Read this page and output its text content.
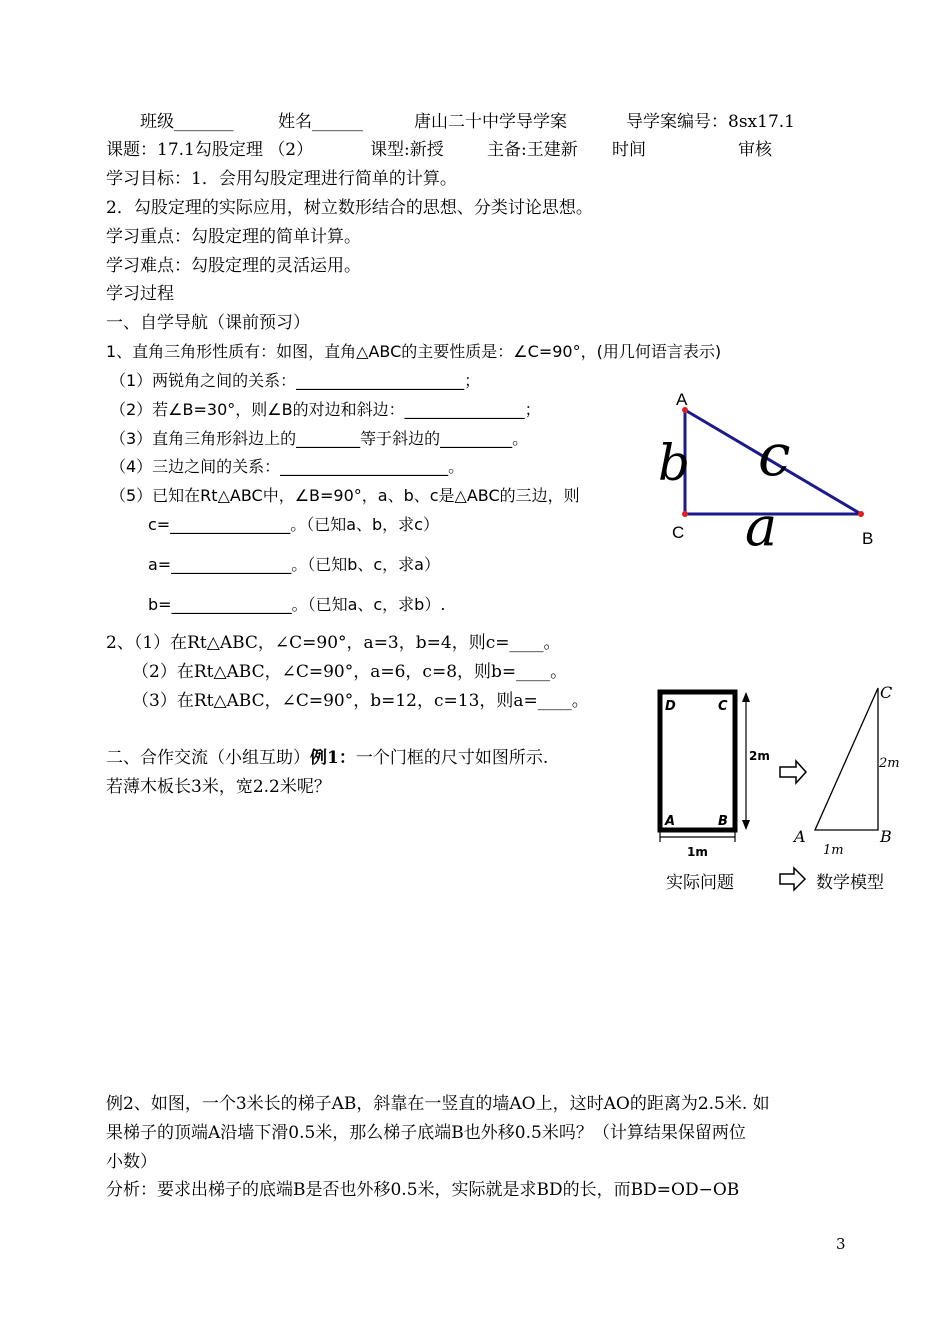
班级_______	姓名______	唐山二十中学导学案	导学案编号：8sx17.1
课题：17.1勾股定理 （2）	课型:新授	主备:王建新 时间	审核
学习目标：1．会用勾股定理进行简单的计算。
2．勾股定理的实际应用，树立数形结合的思想、分类讨论思想。
学习重点：勾股定理的简单计算。
学习难点：勾股定理的灵活运用。
学习过程
一、自学导航（课前预习）
1、直角三角形性质有：如图，直角△ABC的主要性质是：∠C=90°，(用几何语言表示)
（1）两锐角之间的关系：_____________________；
（2）若∠B=30°，则∠B的对边和斜边：_______________；
（3）直角三角形斜边上的________等于斜边的_________。
（4）三边之间的关系：_____________________。
（5）已知在Rt△ABC中，∠B=90°，a、b、c是△ABC的三边，则
c=_______________。（已知a、b，求c）
a=_______________。（已知b、c，求a）
b=_______________。（已知a、c，求b）.
A
C	B
b c
a
2、（1）在Rt△ABC，∠C=90°，a=3，b=4，则c=____。
（2）在Rt△ABC，∠C=90°，a=6，c=8，则b=____。
（3）在Rt△ABC，∠C=90°，b=12，c=13，则a=____。
二、合作交流（小组互助）例1：一个门框的尺寸如图所示.
若薄木板长3米，宽2.2米呢？
D	C
A	B
2m
1m
C
A	B
2m
1m
实际问题	数学模型
例2、如图，一个3米长的梯子AB，斜靠在一竖直的墙AO上，这时AO的距离为2.5米. 如
果梯子的顶端A沿墙下滑0.5米，那么梯子底端B也外移0.5米吗？（计算结果保留两位
小数）
分析：要求出梯子的底端B是否也外移0.5米，实际就是求BD的长，而BD=OD−OB
3
